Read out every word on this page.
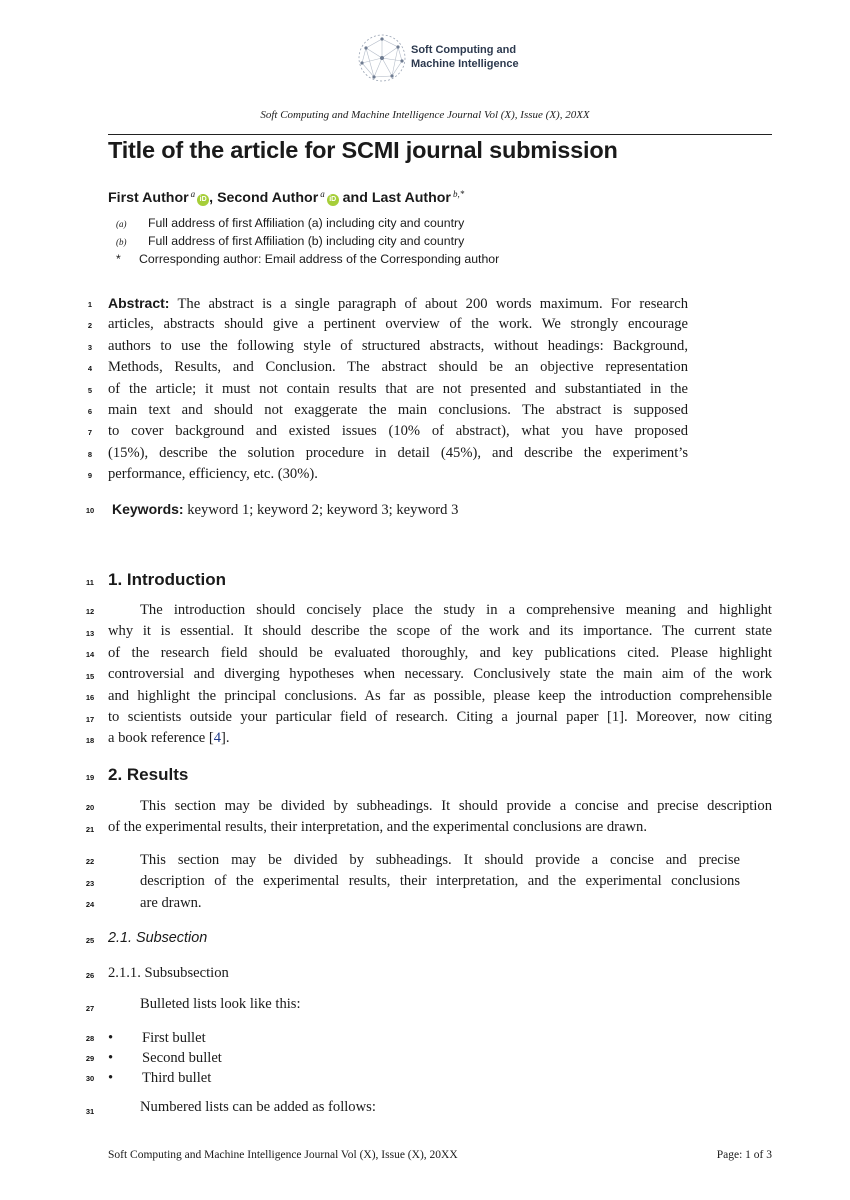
Soft Computing and
Machine Intelligence
Soft Computing and Machine Intelligence Journal Vol (X), Issue (X), 20XX
Title of the article for SCMI journal submission
First Author $^a$iD , Second Author $^a$iD and Last Author $^{b,*}$
(a) Full address of first Affiliation (a) including city and country
(b) Full address of first Affiliation (b) including city and country
* Corresponding author: Email address of the Corresponding author
1
2
3
4
5
6
7
8
9
10
11
12
13
14
15
16
17
18
19
20
21
22
23
24
25
26
27
28
29
30
31
Abstract: The abstract is a single paragraph of about 200 words maximum. For research
articles, abstracts should give a pertinent overview of the work. We strongly encourage
authors to use the following style of structured abstracts, without headings: Background,
Methods, Results, and Conclusion. The abstract should be an objective representation
of the article; it must not contain results that are not presented and substantiated in the
main text and should not exaggerate the main conclusions. The abstract is supposed
to cover background and existed issues (10% of abstract), what you have proposed
(15%), describe the solution procedure in detail (45%), and describe the experiment’s
performance, efficiency, etc. (30%).
Keywords: keyword 1; keyword 2; keyword 3; keyword 3
1. Introduction
The introduction should concisely place the study in a comprehensive meaning and highlight
why it is essential. It should describe the scope of the work and its importance. The current state
of the research field should be evaluated thoroughly, and key publications cited. Please highlight
controversial and diverging hypotheses when necessary. Conclusively state the main aim of the work
and highlight the principal conclusions. As far as possible, please keep the introduction comprehensible
to scientists outside your particular field of research. Citing a journal paper [1]. Moreover, now citing
a book reference [4].
2. Results
This section may be divided by subheadings. It should provide a concise and precise description
of the experimental results, their interpretation, and the experimental conclusions are drawn.
This section may be divided by subheadings. It should provide a concise and precise
description of the experimental results, their interpretation, and the experimental conclusions
are drawn.
2.1. Subsection
2.1.1. Subsubsection
Bulleted lists look like this:
• First bullet
• Second bullet
• Third bullet
Numbered lists can be added as follows:
Soft Computing and Machine Intelligence Journal Vol (X), Issue (X), 20XX	Page: 1 of 3
